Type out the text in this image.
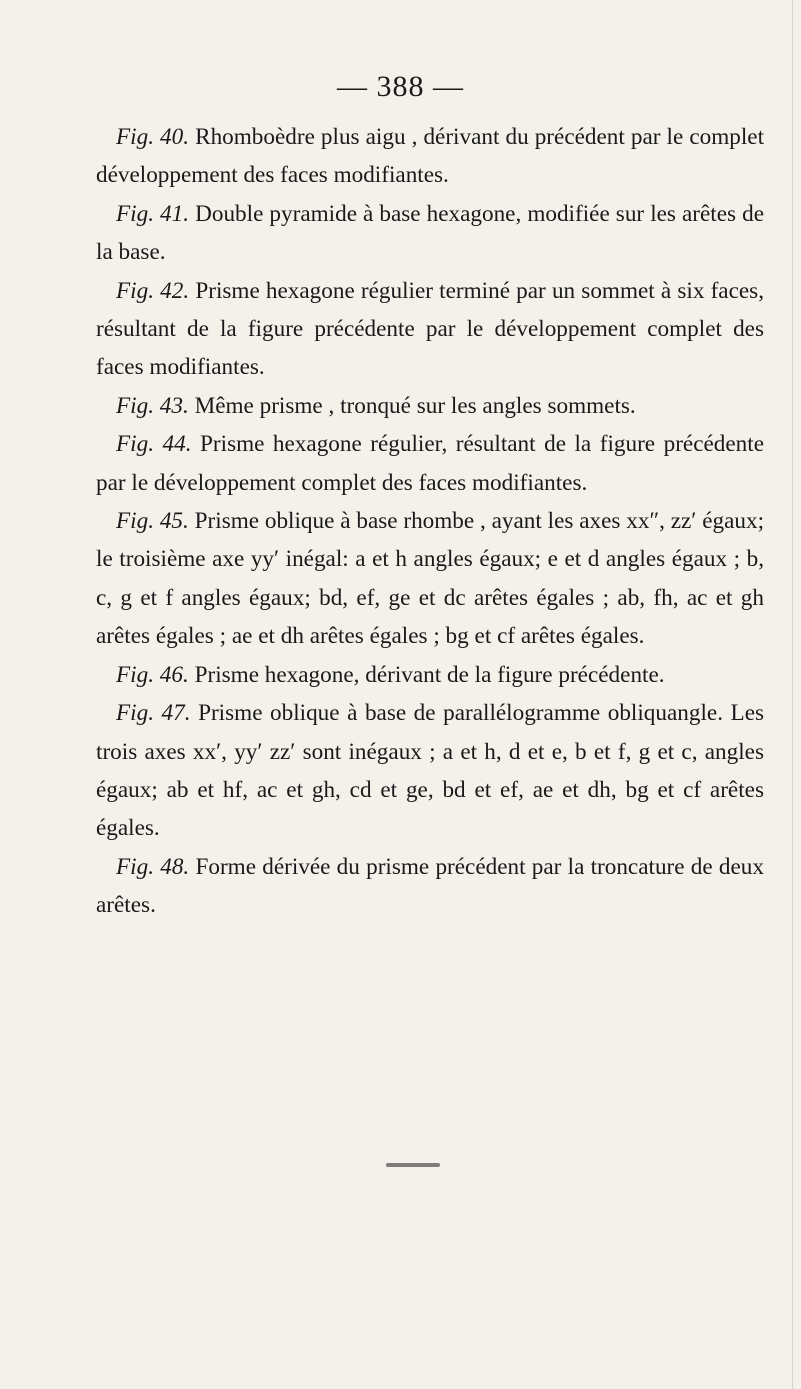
— 388 —

Fig. 40. Rhomboèdre plus aigu , dérivant du précédent par le complet développement des faces modifiantes.

Fig. 41. Double pyramide à base hexagone, modifiée sur les arêtes de la base.

Fig. 42. Prisme hexagone régulier terminé par un sommet à six faces, résultant de la figure précédente par le développement complet des faces modifiantes.

Fig. 43. Même prisme , tronqué sur les angles sommets.

Fig. 44. Prisme hexagone régulier, résultant de la figure précédente par le développement complet des faces modifiantes.

Fig. 45. Prisme oblique à base rhombe , ayant les axes xx″, zz′ égaux; le troisième axe yy′ inégal: a et h angles égaux; e et d angles égaux ; b, c, g et f angles égaux; bd, ef, ge et dc arêtes égales ; ab, fh, ac et gh arêtes égales ; ae et dh arêtes égales ; bg et cf arêtes égales.

Fig. 46. Prisme hexagone, dérivant de la figure précédente.

Fig. 47. Prisme oblique à base de parallélogramme obliquangle. Les trois axes xx′, yy′ zz′ sont inégaux ; a et h, d et e, b et f, g et c, angles égaux; ab et hf, ac et gh, cd et ge, bd et ef, ae et dh, bg et cf arêtes égales.

Fig. 48. Forme dérivée du prisme précédent par la troncature de deux arêtes.
